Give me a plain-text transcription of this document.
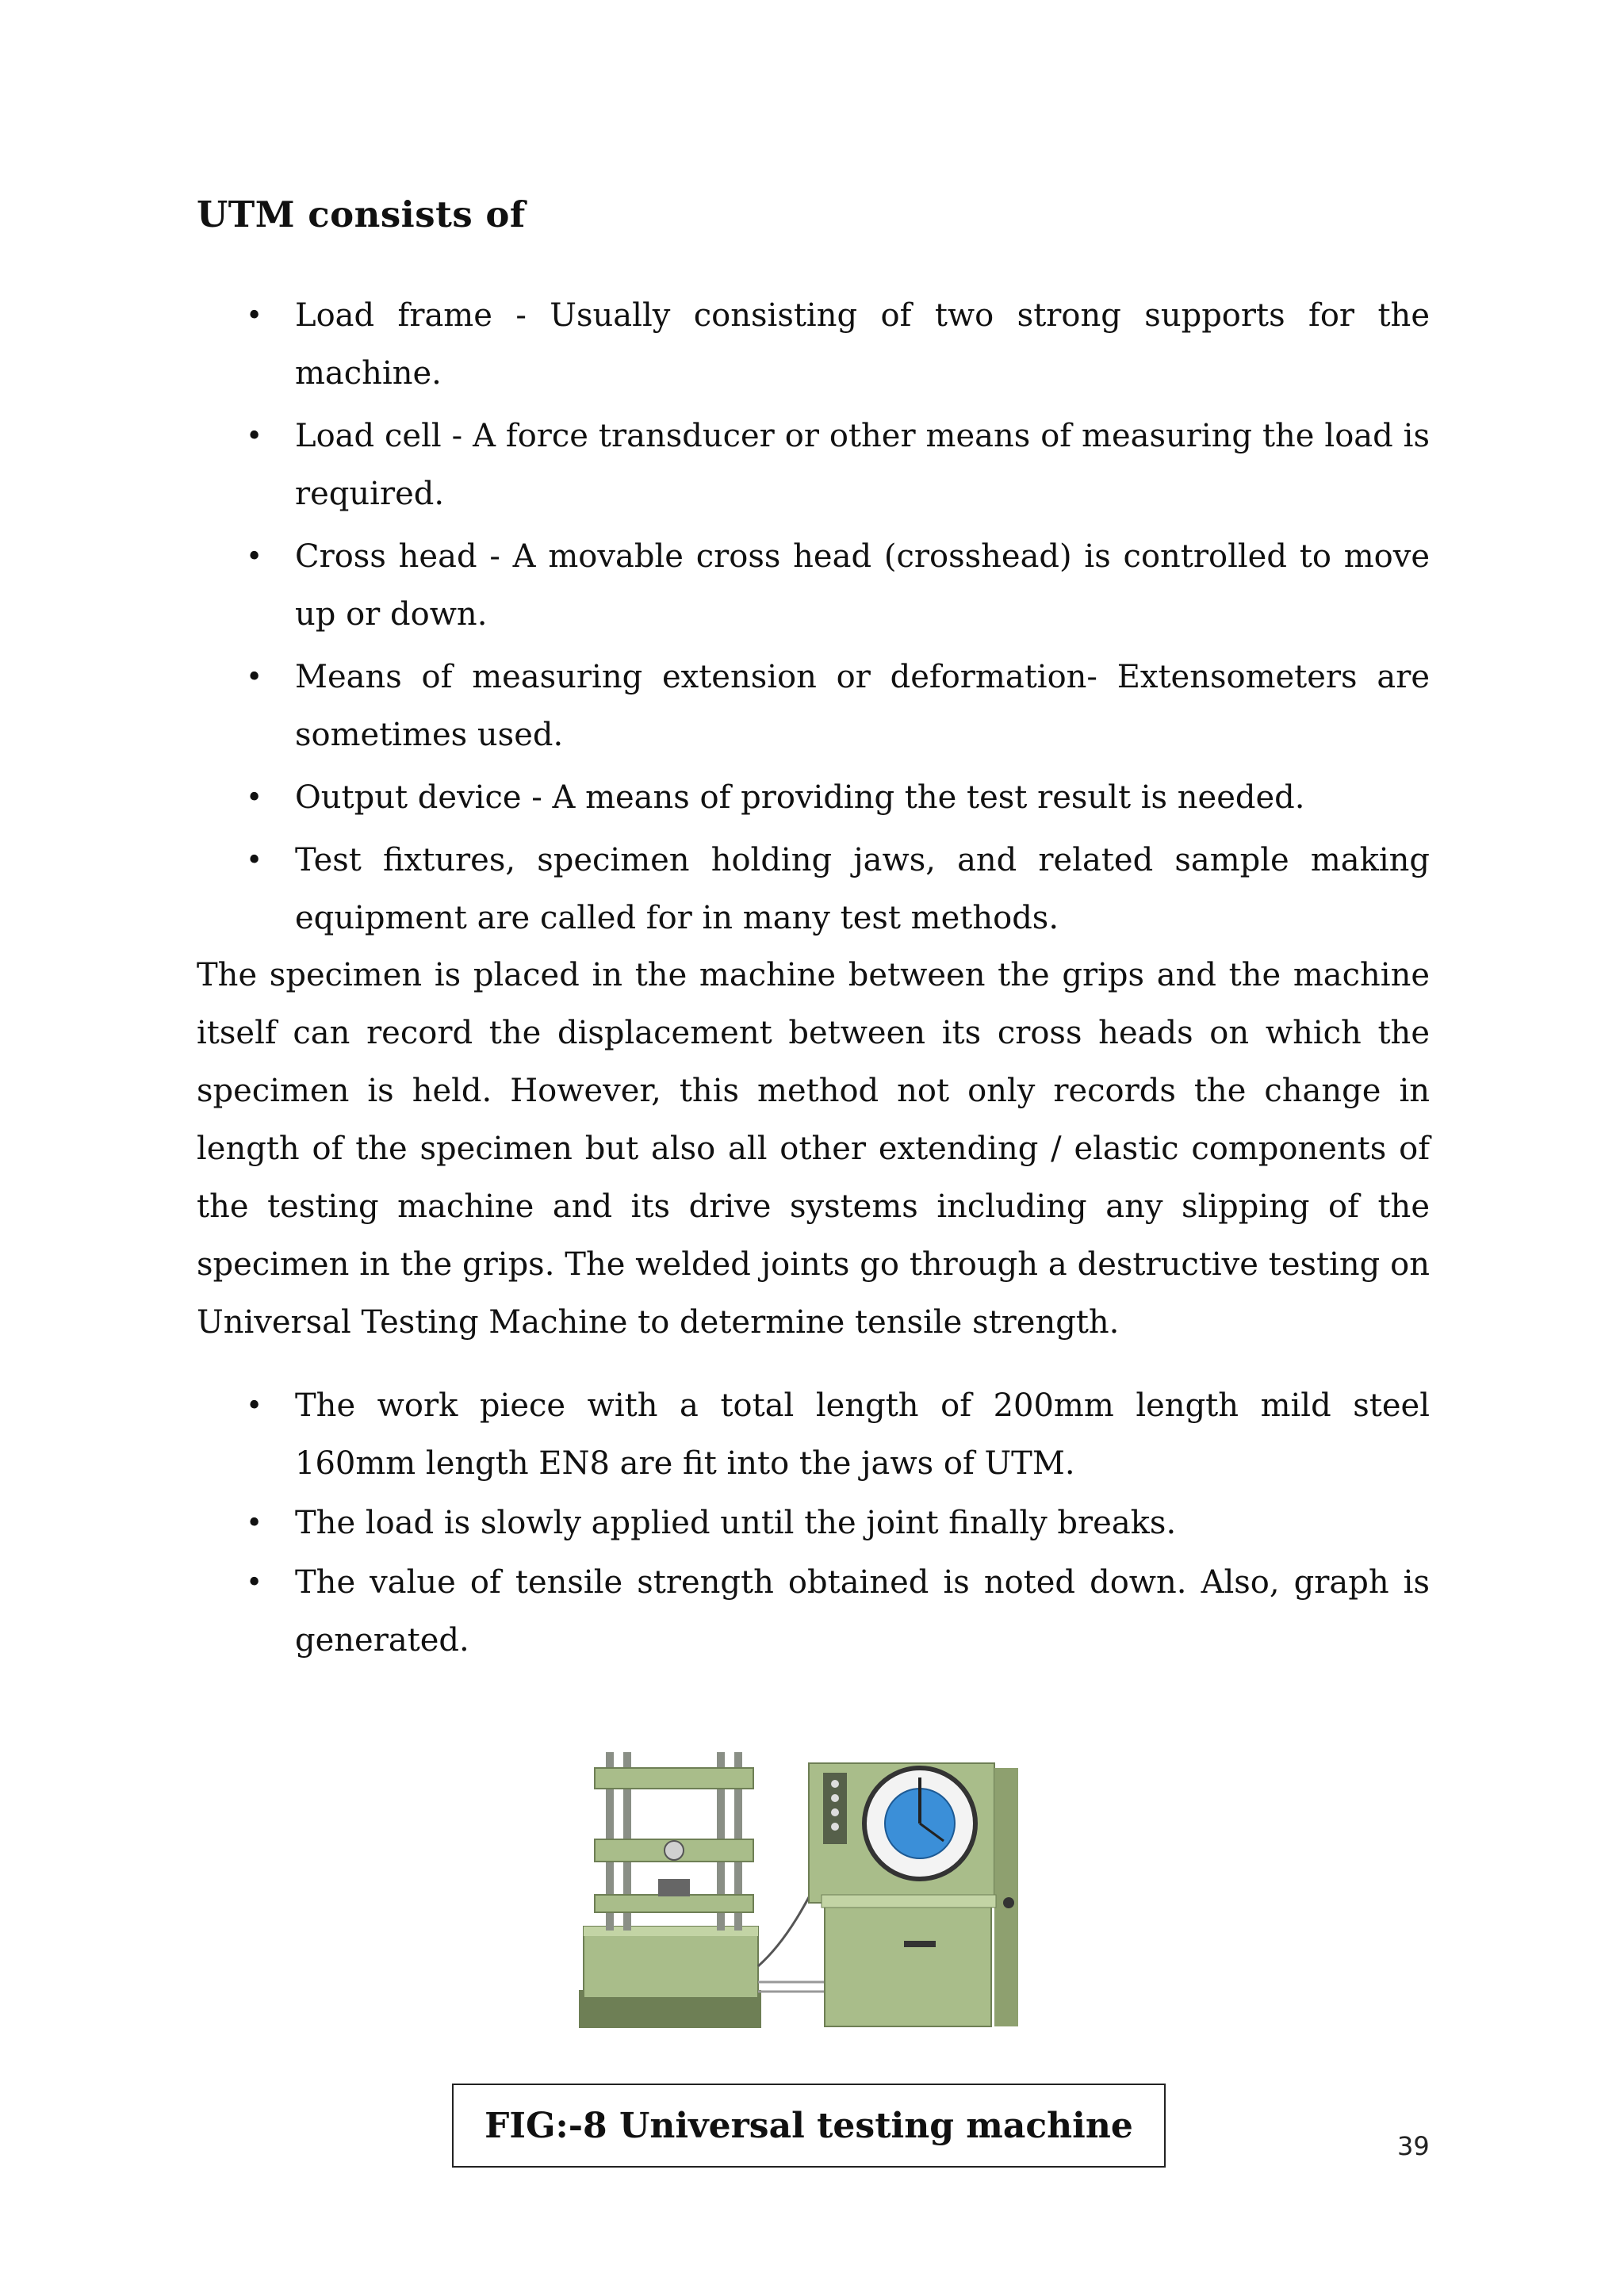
UTM consists of
• Load frame - Usually consisting of two strong supports for the machine.
• Load cell - A force transducer or other means of measuring the load is required.
• Cross head - A movable cross head (crosshead) is controlled to move up or down.
• Means of measuring extension or deformation- Extensometers are sometimes used.
• Output device - A means of providing the test result is needed.
• Test fixtures, specimen holding jaws, and related sample making equipment are called for in many test methods.

The specimen is placed in the machine between the grips and the machine itself can record the displacement between its cross heads on which the specimen is held. However, this method not only records the change in length of the specimen but also all other extending / elastic components of the testing machine and its drive systems including any slipping of the specimen in the grips. The welded joints go through a destructive testing on Universal Testing Machine to determine tensile strength.

• The work piece with a total length of 200mm length mild steel 160mm length EN8 are fit into the jaws of UTM.
• The load is slowly applied until the joint finally breaks.
• The value of tensile strength obtained is noted down. Also, graph is generated.
FIG:-8 Universal testing machine
39
